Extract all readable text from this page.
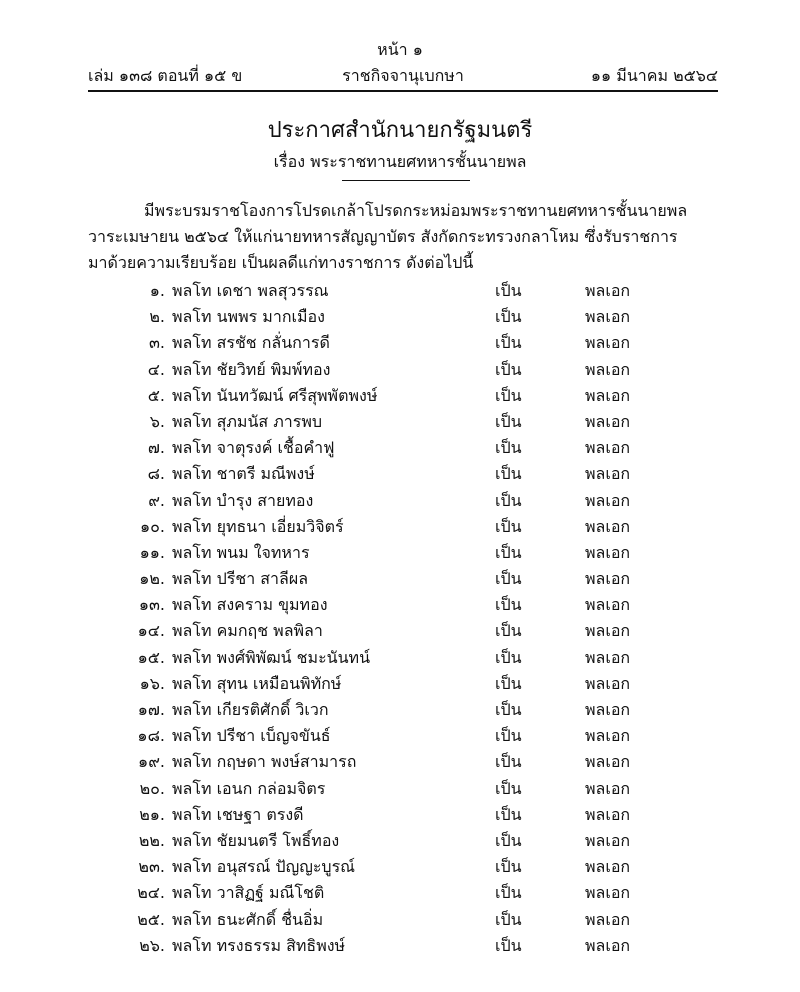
หน้า ๑
เล่ม ๑๓๘ ตอนที่ ๑๕ ข	ราชกิจจานุเบกษา	๑๑ มีนาคม ๒๕๖๔
ประกาศสำนักนายกรัฐมนตรี
เรื่อง พระราชทานยศทหารชั้นนายพล
มีพระบรมราชโองการโปรดเกล้าโปรดกระหม่อมพระราชทานยศทหารชั้นนายพล
วาระเมษายน ๒๕๖๔ ให้แก่นายทหารสัญญาบัตร สังกัดกระทรวงกลาโหม ซึ่งรับราชการ
มาด้วยความเรียบร้อย เป็นผลดีแก่ทางราชการ ดังต่อไปนี้
๑. พลโท เดชา พลสุวรรณ	เป็น	พลเอก
๒. พลโท นพพร มากเมือง	เป็น	พลเอก
๓. พลโท สรชัช กลั่นการดี	เป็น	พลเอก
๔. พลโท ชัยวิทย์ พิมพ์ทอง	เป็น	พลเอก
๕. พลโท นันทวัฒน์ ศรีสุพพัตพงษ์	เป็น	พลเอก
๖. พลโท สุภมนัส ภารพบ	เป็น	พลเอก
๗. พลโท จาตุรงค์ เชื้อคำฟู	เป็น	พลเอก
๘. พลโท ชาตรี มณีพงษ์	เป็น	พลเอก
๙. พลโท บำรุง สายทอง	เป็น	พลเอก
๑๐. พลโท ยุทธนา เอี่ยมวิจิตร์	เป็น	พลเอก
๑๑. พลโท พนม ใจทหาร	เป็น	พลเอก
๑๒. พลโท ปรีชา สาลีผล	เป็น	พลเอก
๑๓. พลโท สงคราม ขุมทอง	เป็น	พลเอก
๑๔. พลโท คมกฤช พลพิลา	เป็น	พลเอก
๑๕. พลโท พงศ์พิพัฒน์ ชมะนันทน์	เป็น	พลเอก
๑๖. พลโท สุทน เหมือนพิทักษ์	เป็น	พลเอก
๑๗. พลโท เกียรติศักดิ์ วิเวก	เป็น	พลเอก
๑๘. พลโท ปรีชา เบ็ญจขันธ์	เป็น	พลเอก
๑๙. พลโท กฤษดา พงษ์สามารถ	เป็น	พลเอก
๒๐. พลโท เอนก กล่อมจิตร	เป็น	พลเอก
๒๑. พลโท เชษฐา ตรงดี	เป็น	พลเอก
๒๒. พลโท ชัยมนตรี โพธิ์ทอง	เป็น	พลเอก
๒๓. พลโท อนุสรณ์ ปัญญะบูรณ์	เป็น	พลเอก
๒๔. พลโท วาสิฏฐ์ มณีโชติ	เป็น	พลเอก
๒๕. พลโท ธนะศักดิ์ ชื่นอิ่ม	เป็น	พลเอก
๒๖. พลโท ทรงธรรม สิทธิพงษ์	เป็น	พลเอก
